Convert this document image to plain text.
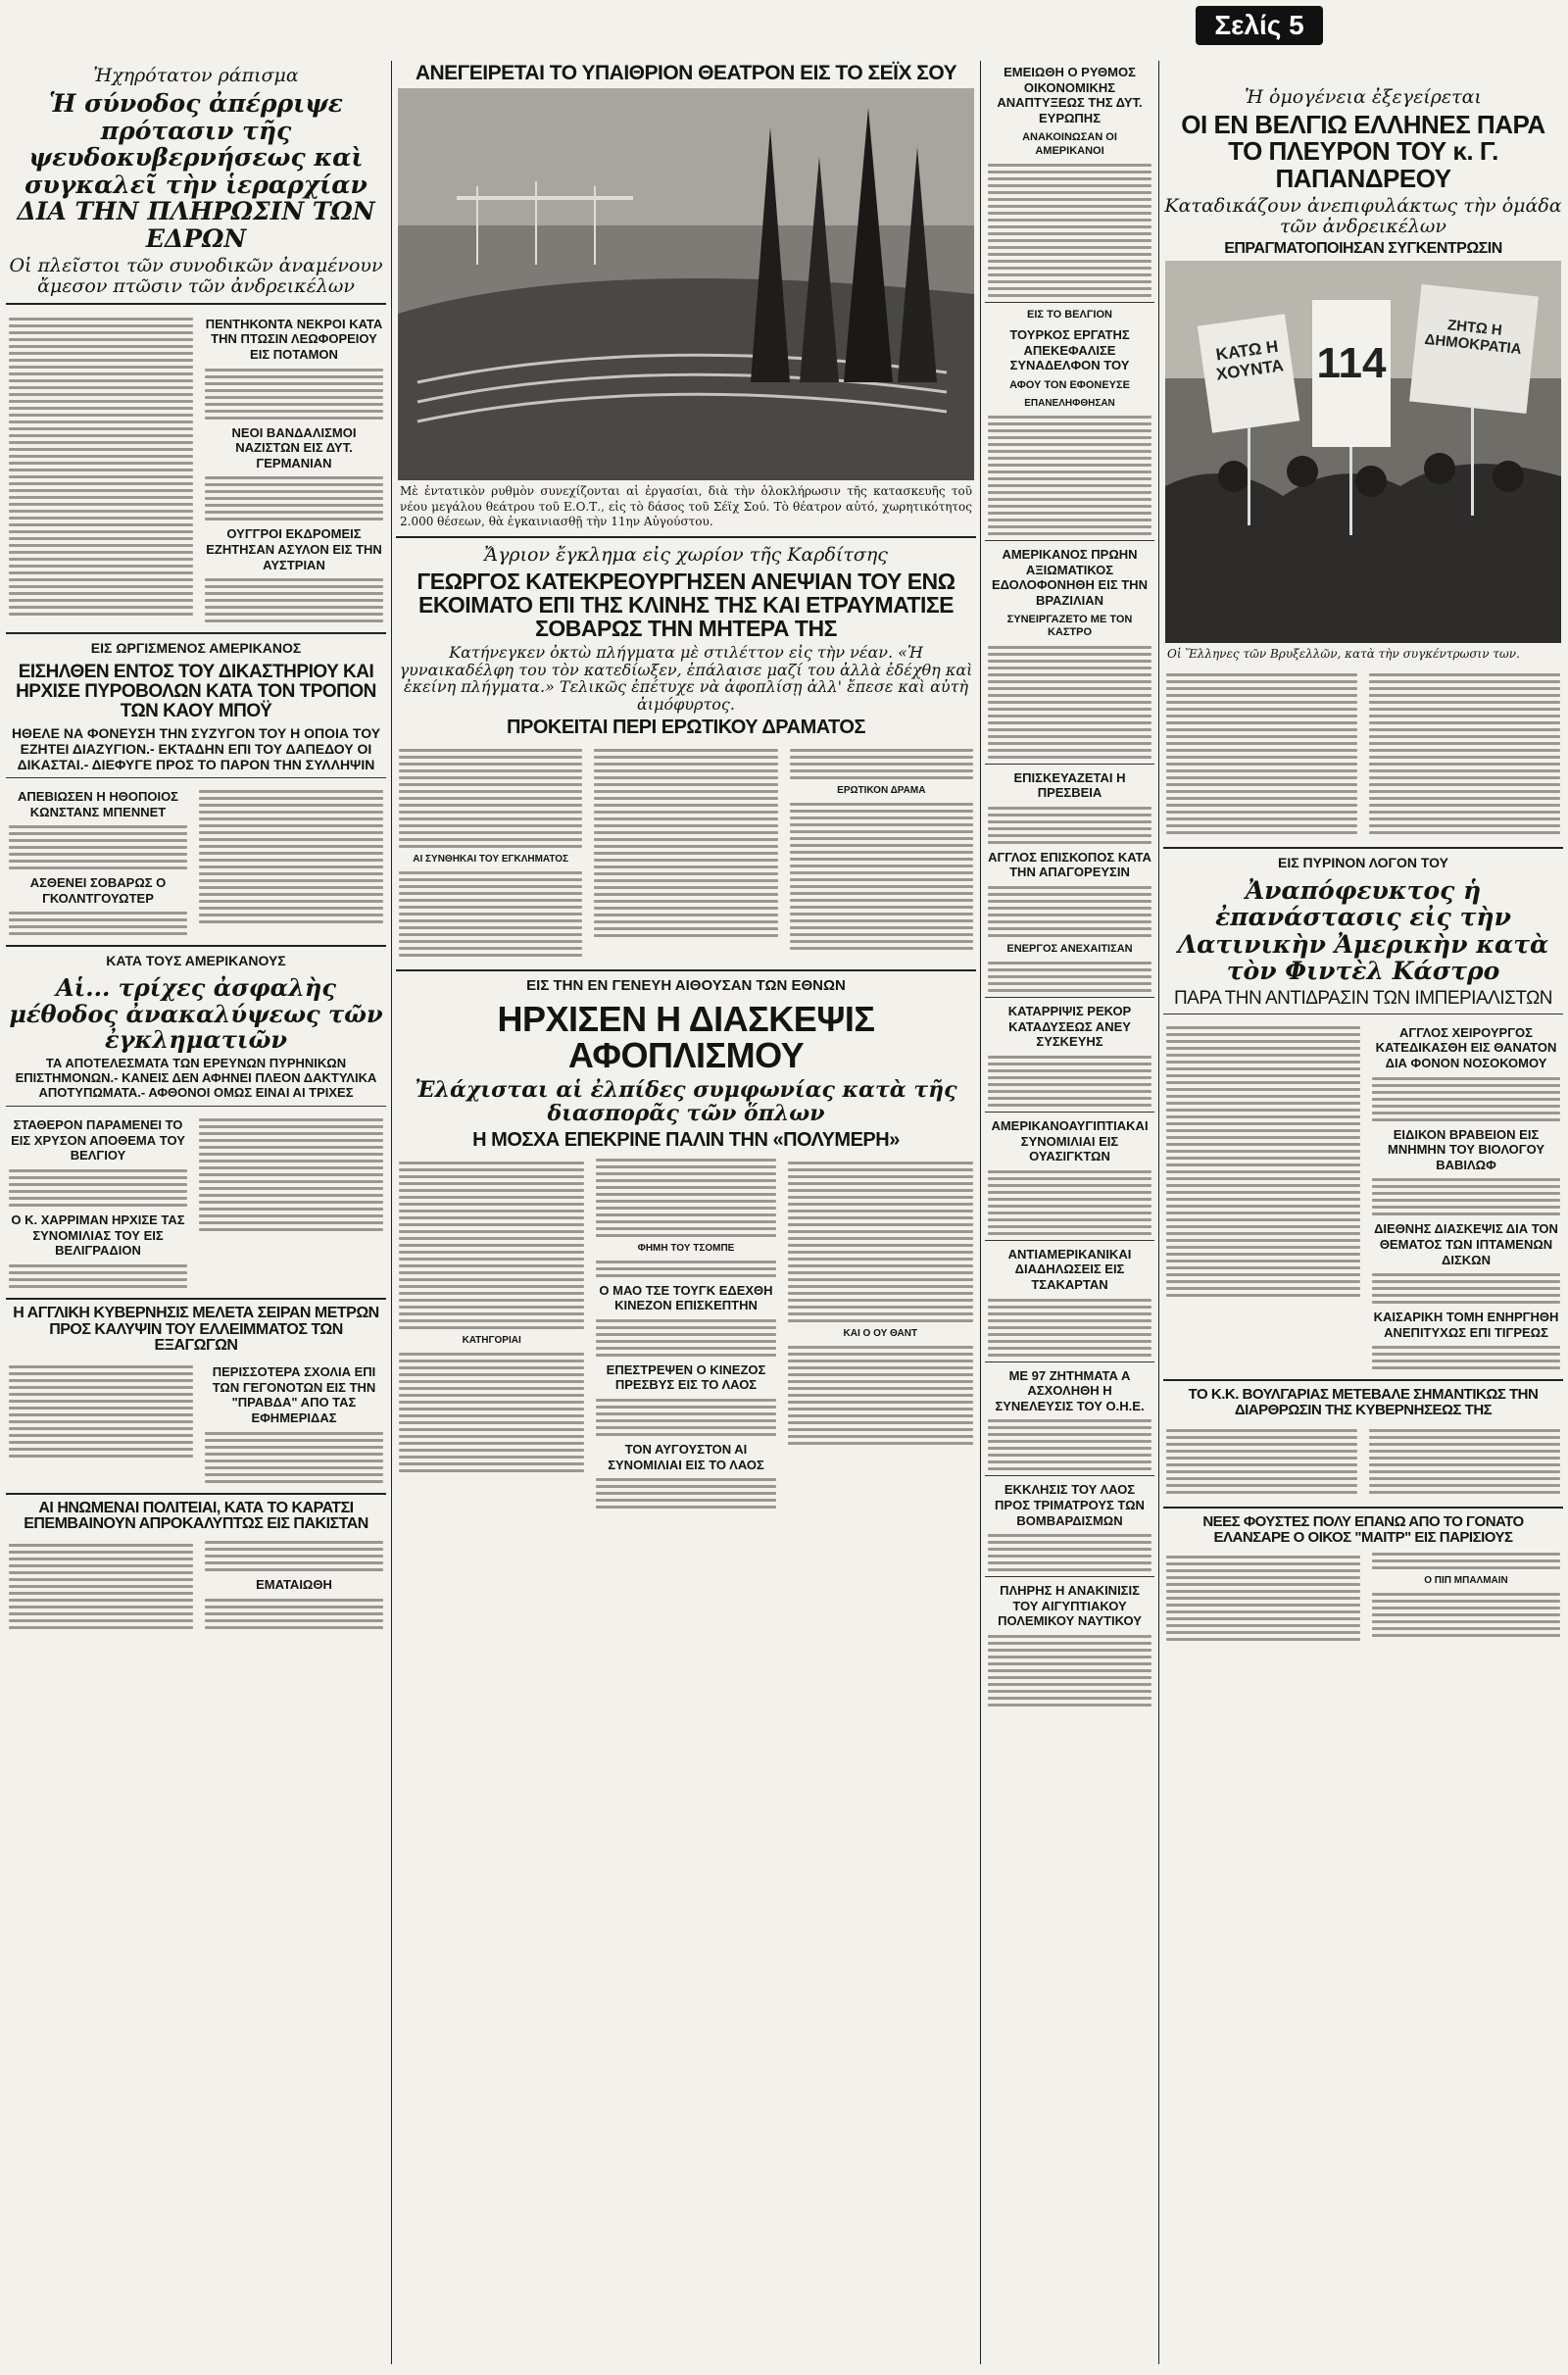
Σελίς 5
Ἠχηρότατον ράπισμα
Ἡ σύνοδος ἀπέρριψε πρότασιν τῆς ψευδοκυβερνήσεως καὶ συγκαλεῖ τὴν ἱεραρχίαν ΔΙΑ ΤΗΝ ΠΛΗΡΩΣΙΝ ΤΩΝ ΕΔΡΩΝ
Οἱ πλεῖστοι τῶν συνοδικῶν ἀναμένουν ἄμεσον πτῶσιν τῶν ἀνδρεικέλων
ΠΕΝΤΗΚΟΝΤΑ ΝΕΚΡΟΙ ΚΑΤΑ ΤΗΝ ΠΤΩΣΙΝ ΛΕΩΦΟΡΕΙΟΥ ΕΙΣ ΠΟΤΑΜΟΝ
ΝΕΟΙ ΒΑΝΔΑΛΙΣΜΟΙ ΝΑΖΙΣΤΩΝ ΕΙΣ ΔΥΤ. ΓΕΡΜΑΝΙΑΝ
ΟΥΓΓΡΟΙ ΕΚΔΡΟΜΕΙΣ ΕΖΗΤΗΣΑΝ ΑΣΥΛΟΝ ΕΙΣ ΤΗΝ ΑΥΣΤΡΙΑΝ
ΕΙΣ ΩΡΓΙΣΜΕΝΟΣ ΑΜΕΡΙΚΑΝΟΣ
ΕΙΣΗΛΘΕΝ ΕΝΤΟΣ ΤΟΥ ΔΙΚΑΣΤΗΡΙΟΥ ΚΑΙ ΗΡΧΙΣΕ ΠΥΡΟΒΟΛΩΝ ΚΑΤΑ ΤΟΝ ΤΡΟΠΟΝ ΤΩΝ ΚΑΟΥ ΜΠΟΫ
ΗΘΕΛΕ ΝΑ ΦΟΝΕΥΣΗ ΤΗΝ ΣΥΖΥΓΟΝ ΤΟΥ Η ΟΠΟΙΑ ΤΟΥ ΕΖΗΤΕΙ ΔΙΑΖΥΓΙΟΝ.- ΕΚΤΑΔΗΝ ΕΠΙ ΤΟΥ ΔΑΠΕΔΟΥ ΟΙ ΔΙΚΑΣΤΑΙ.- ΔΙΕΦΥΓΕ ΠΡΟΣ ΤΟ ΠΑΡΟΝ ΤΗΝ ΣΥΛΛΗΨΙΝ
ΑΠΕΒΙΩΣΕΝ Η ΗΘΟΠΟΙΟΣ ΚΩΝΣΤΑΝΣ ΜΠΕΝΝΕΤ
ΑΣΘΕΝΕΙ ΣΟΒΑΡΩΣ Ο ΓΚΟΛΝΤΓΟΥΩΤΕΡ
ΚΑΤΑ ΤΟΥΣ ΑΜΕΡΙΚΑΝΟΥΣ
Αἱ... τρίχες ἀσφαλὴς μέθοδος ἀνακαλύψεως τῶν ἐγκληματιῶν
ΤΑ ΑΠΟΤΕΛΕΣΜΑΤΑ ΤΩΝ ΕΡΕΥΝΩΝ ΠΥΡΗΝΙΚΩΝ ΕΠΙΣΤΗΜΟΝΩΝ.- ΚΑΝΕΙΣ ΔΕΝ ΑΦΗΝΕΙ ΠΛΕΟΝ ΔΑΚΤΥΛΙΚΑ ΑΠΟΤΥΠΩΜΑΤΑ.- ΑΦΘΟΝΟΙ ΟΜΩΣ ΕΙΝΑΙ ΑΙ ΤΡΙΧΕΣ
ΣΤΑΘΕΡΟΝ ΠΑΡΑΜΕΝΕΙ ΤΟ ΕΙΣ ΧΡΥΣΟΝ ΑΠΟΘΕΜΑ ΤΟΥ ΒΕΛΓΙΟΥ
Ο Κ. ΧΑΡΡΙΜΑΝ ΗΡΧΙΣΕ ΤΑΣ ΣΥΝΟΜΙΛΙΑΣ ΤΟΥ ΕΙΣ ΒΕΛΙΓΡΑΔΙΟΝ
Η ΑΓΓΛΙΚΗ ΚΥΒΕΡΝΗΣΙΣ ΜΕΛΕΤΑ ΣΕΙΡΑΝ ΜΕΤΡΩΝ ΠΡΟΣ ΚΑΛΥΨΙΝ ΤΟΥ ΕΛΛΕΙΜΜΑΤΟΣ ΤΩΝ ΕΞΑΓΩΓΩΝ
ΠΕΡΙΣΣΟΤΕΡΑ ΣΧΟΛΙΑ ΕΠΙ ΤΩΝ ΓΕΓΟΝΟΤΩΝ ΕΙΣ ΤΗΝ "ΠΡΑΒΔΑ" ΑΠΟ ΤΑΣ ΕΦΗΜΕΡΙΔΑΣ
ΑΙ ΗΝΩΜΕΝΑΙ ΠΟΛΙΤΕΙΑΙ, ΚΑΤΑ ΤΟ ΚΑΡΑΤΣΙ ΕΠΕΜΒΑΙΝΟΥΝ ΑΠΡΟΚΑΛΥΠΤΩΣ ΕΙΣ ΠΑΚΙΣΤΑΝ
ΕΜΑΤΑΙΩΘΗ
ΑΝΕΓΕΙΡΕΤΑΙ ΤΟ ΥΠΑΙΘΡΙΟΝ ΘΕΑΤΡΟΝ ΕΙΣ ΤΟ ΣΕΪΧ ΣΟΥ
Μὲ ἐντατικὸν ρυθμὸν συνεχίζονται αἱ ἐργασίαι, διὰ τὴν ὁλοκλήρωσιν τῆς κατασκευῆς τοῦ νέου μεγάλου θεάτρου τοῦ Ε.Ο.Τ., εἰς τὸ δάσος τοῦ Σέϊχ Σού. Τὸ θέατρον αὐτό, χωρητικότητος 2.000 θέσεων, θὰ ἐγκαινιασθῇ τὴν 11ην Αὐγούστου.
Ἄγριον ἔγκλημα εἰς χωρίον τῆς Καρδίτσης
ΓΕΩΡΓΟΣ ΚΑΤΕΚΡΕΟΥΡΓΗΣΕΝ ΑΝΕΨΙΑΝ ΤΟΥ ΕΝΩ ΕΚΟΙΜΑΤΟ ΕΠΙ ΤΗΣ ΚΛΙΝΗΣ ΤΗΣ ΚΑΙ ΕΤΡΑΥΜΑΤΙΣΕ ΣΟΒΑΡΩΣ ΤΗΝ ΜΗΤΕΡΑ ΤΗΣ
Κατήνεγκεν ὀκτὼ πλήγματα μὲ στιλέττον εἰς τὴν νέαν. «Ἡ γυναικαδέλφη του τὸν κατεδίωξεν, ἐπάλαισε μαζί του ἀλλὰ ἐδέχθη καὶ ἐκείνη πλήγματα.» Τελικῶς ἐπέτυχε νὰ ἀφοπλίσῃ ἀλλ' ἔπεσε καὶ αὐτὴ ἀιμόφυρτος.
ΠΡΟΚΕΙΤΑΙ ΠΕΡΙ ΕΡΩΤΙΚΟΥ ΔΡΑΜΑΤΟΣ
ΑΙ ΣΥΝΘΗΚΑΙ ΤΟΥ ΕΓΚΛΗΜΑΤΟΣ
ΕΡΩΤΙΚΟΝ ΔΡΑΜΑ
ΕΙΣ ΤΗΝ ΕΝ ΓΕΝΕΥΗ ΑΙΘΟΥΣΑΝ ΤΩΝ ΕΘΝΩΝ
ΗΡΧΙΣΕΝ Η ΔΙΑΣΚΕΨΙΣ ΑΦΟΠΛΙΣΜΟΥ
Ἐλάχισται αἱ ἐλπίδες συμφωνίας κατὰ τῆς διασπορᾶς τῶν ὅπλων
Η ΜΟΣΧΑ ΕΠΕΚΡΙΝΕ ΠΑΛΙΝ ΤΗΝ «ΠΟΛΥΜΕΡΗ»
ΚΑΤΗΓΟΡΙΑΙ
ΦΗΜΗ ΤΟΥ ΤΣΟΜΠΕ
Ο ΜΑΟ ΤΣΕ ΤΟΥΓΚ ΕΔΕΧΘΗ ΚΙΝΕΖΟΝ ΕΠΙΣΚΕΠΤΗΝ
ΕΠΕΣΤΡΕΨΕΝ Ο ΚΙΝΕΖΟΣ ΠΡΕΣΒΥΣ ΕΙΣ ΤΟ ΛΑΟΣ
ΤΟΝ ΑΥΓΟΥΣΤΟΝ ΑΙ ΣΥΝΟΜΙΛΙΑΙ ΕΙΣ ΤΟ ΛΑΟΣ
ΚΑΙ Ο ΟΥ ΘΑΝΤ
ΕΜΕΙΩΘΗ Ο ΡΥΘΜΟΣ ΟΙΚΟΝΟΜΙΚΗΣ ΑΝΑΠΤΥΞΕΩΣ ΤΗΣ ΔΥΤ. ΕΥΡΩΠΗΣ
ΑΝΑΚΟΙΝΩΣΑΝ ΟΙ ΑΜΕΡΙΚΑΝΟΙ
ΕΙΣ ΤΟ ΒΕΛΓΙΟΝ
ΤΟΥΡΚΟΣ ΕΡΓΑΤΗΣ ΑΠΕΚΕΦΑΛΙΣΕ ΣΥΝΑΔΕΛΦΟΝ ΤΟΥ
ΑΦΟΥ ΤΟΝ ΕΦΟΝΕΥΣΕ
ΕΠΑΝΕΛΗΦΘΗΣΑΝ
ΑΜΕΡΙΚΑΝΟΣ ΠΡΩΗΝ ΑΞΙΩΜΑΤΙΚΟΣ ΕΔΟΛΟΦΟΝΗΘΗ ΕΙΣ ΤΗΝ ΒΡΑΖΙΛΙΑΝ
ΣΥΝΕΙΡΓΑΖΕΤΟ ΜΕ ΤΟΝ ΚΑΣΤΡΟ
ΕΠΙΣΚΕΥΑΖΕΤΑΙ Η ΠΡΕΣΒΕΙΑ
ΑΓΓΛΟΣ ΕΠΙΣΚΟΠΟΣ ΚΑΤΑ ΤΗΝ ΑΠΑΓΟΡΕΥΣΙΝ
ΕΝΕΡΓΟΣ ΑΝΕΧΑΙΤΙΣΑΝ
ΚΑΤΑΡΡΙΨΙΣ ΡΕΚΟΡ ΚΑΤΑΔΥΣΕΩΣ ΑΝΕΥ ΣΥΣΚΕΥΗΣ
ΑΜΕΡΙΚΑΝΟΑΥΓΙΠΤΙΑΚΑΙ ΣΥΝΟΜΙΛΙΑΙ ΕΙΣ ΟΥΑΣΙΓΚΤΩΝ
ΑΝΤΙΑΜΕΡΙΚΑΝΙΚΑΙ ΔΙΑΔΗΛΩΣΕΙΣ ΕΙΣ ΤΣΑΚΑΡΤΑΝ
ΜΕ 97 ΖΗΤΗΜΑΤΑ Α ΑΣΧΟΛΗΘΗ Η ΣΥΝΕΛΕΥΣΙΣ ΤΟΥ Ο.Η.Ε.
ΕΚΚΛΗΣΙΣ ΤΟΥ ΛΑΟΣ ΠΡΟΣ ΤΡΙΜΑΤΡΟΥΣ ΤΩΝ ΒΟΜΒΑΡΔΙΣΜΩΝ
ΠΛΗΡΗΣ Η ΑΝΑΚΙΝΙΣΙΣ ΤΟΥ ΑΙΓΥΠΤΙΑΚΟΥ ΠΟΛΕΜΙΚΟΥ ΝΑΥΤΙΚΟΥ
Ἡ ὁμογένεια ἐξεγείρεται
ΟΙ ΕΝ ΒΕΛΓΙΩ ΕΛΛΗΝΕΣ ΠΑΡΑ ΤΟ ΠΛΕΥΡΟΝ ΤΟΥ κ. Γ. ΠΑΠΑΝΔΡΕΟΥ
Καταδικάζουν ἀνεπιφυλάκτως τὴν ὁμάδα τῶν ἀνδρεικέλων
ΕΠΡΑΓΜΑΤΟΠΟΙΗΣΑΝ ΣΥΓΚΕΝΤΡΩΣΙΝ
ΚΑΤΩ Η ΧΟΥΝΤΑ 114
ΖΗΤΩ Η ΔΗΜΟΚΡΑΤΙΑ
Οἱ Ἕλληνες τῶν Βρυξελλῶν, κατὰ τὴν συγκέντρωσιν των.
ΕΙΣ ΠΥΡΙΝΟΝ ΛΟΓΟΝ ΤΟΥ
Ἀναπόφευκτος ἡ ἐπανάστασις εἰς τὴν Λατινικὴν Ἀμερικὴν κατὰ τὸν Φιντὲλ Κάστρο
ΠΑΡΑ ΤΗΝ ΑΝΤΙΔΡΑΣΙΝ ΤΩΝ ΙΜΠΕΡΙΑΛΙΣΤΩΝ
ΑΓΓΛΟΣ ΧΕΙΡΟΥΡΓΟΣ ΚΑΤΕΔΙΚΑΣΘΗ ΕΙΣ ΘΑΝΑΤΟΝ ΔΙΑ ΦΟΝΟΝ ΝΟΣΟΚΟΜΟΥ
ΕΙΔΙΚΟΝ ΒΡΑΒΕΙΟΝ ΕΙΣ ΜΝΗΜΗΝ ΤΟΥ ΒΙΟΛΟΓΟΥ ΒΑΒΙΛΩΦ
ΔΙΕΘΝΗΣ ΔΙΑΣΚΕΨΙΣ ΔΙΑ ΤΟΝ ΘΕΜΑΤΟΣ ΤΩΝ ΙΠΤΑΜΕΝΩΝ ΔΙΣΚΩΝ
ΚΑΙΣΑΡΙΚΗ ΤΟΜΗ ΕΝΗΡΓΗΘΗ ΑΝΕΠΙΤΥΧΩΣ ΕΠΙ ΤΙΓΡΕΩΣ
ΤΟ Κ.Κ. ΒΟΥΛΓΑΡΙΑΣ ΜΕΤΕΒΑΛΕ ΣΗΜΑΝΤΙΚΩΣ ΤΗΝ ΔΙΑΡΘΡΩΣΙΝ ΤΗΣ ΚΥΒΕΡΝΗΣΕΩΣ ΤΗΣ
ΝΕΕΣ ΦΟΥΣΤΕΣ ΠΟΛΥ ΕΠΑΝΩ ΑΠΟ ΤΟ ΓΟΝΑΤΟ ΕΛΑΝΣΑΡΕ Ο ΟΙΚΟΣ "ΜΑΙΤΡ" ΕΙΣ ΠΑΡΙΣΙΟΥΣ
Ο ΠΙΠ ΜΠΑΛΜΑΙΝ
